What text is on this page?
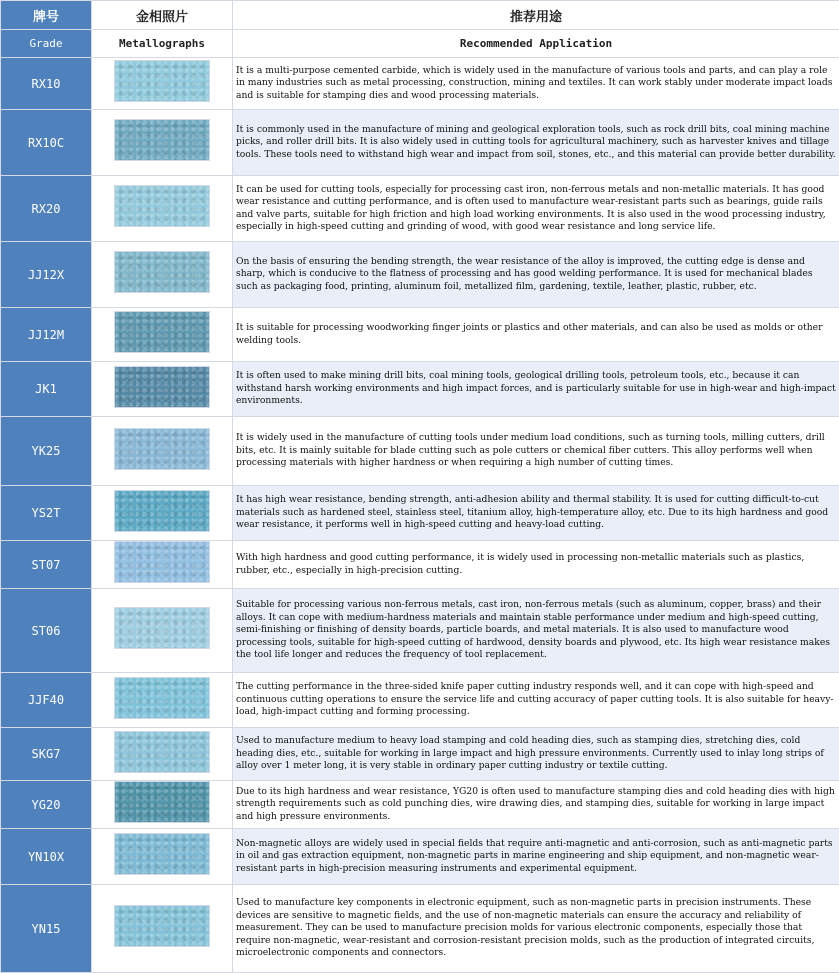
牌号	金相照片	推荐用途
Grade	Metallographs	Recommended Application
RX10		It is a multi-purpose cemented carbide, which is widely used in the manufacture of various tools and parts, and can play a role in many industries such as metal processing, construction, mining and textiles. It can work stably under moderate impact loads and is suitable for stamping dies and wood processing materials.
RX10C		It is commonly used in the manufacture of mining and geological exploration tools, such as rock drill bits, coal mining machine picks, and roller drill bits. It is also widely used in cutting tools for agricultural machinery, such as harvester knives and tillage tools. These tools need to withstand high wear and impact from soil, stones, etc., and this material can provide better durability.
RX20		It can be used for cutting tools, especially for processing cast iron, non-ferrous metals and non-metallic materials. It has good wear resistance and cutting performance, and is often used to manufacture wear-resistant parts such as bearings, guide rails and valve parts, suitable for high friction and high load working environments. It is also used in the wood processing industry, especially in high-speed cutting and grinding of wood, with good wear resistance and long service life.
JJ12X		On the basis of ensuring the bending strength, the wear resistance of the alloy is improved, the cutting edge is dense and sharp, which is conducive to the flatness of processing and has good welding performance. It is used for mechanical blades such as packaging food, printing, aluminum foil, metallized film, gardening, textile, leather, plastic, rubber, etc.
JJ12M		It is suitable for processing woodworking finger joints or plastics and other materials, and can also be used as molds or other welding tools.
JK1		It is often used to make mining drill bits, coal mining tools, geological drilling tools, petroleum tools, etc., because it can withstand harsh working environments and high impact forces, and is particularly suitable for use in high-wear and high-impact environments.
YK25		It is widely used in the manufacture of cutting tools under medium load conditions, such as turning tools, milling cutters, drill bits, etc. It is mainly suitable for blade cutting such as pole cutters or chemical fiber cutters. This alloy performs well when processing materials with higher hardness or when requiring a high number of cutting times.
YS2T		It has high wear resistance, bending strength, anti-adhesion ability and thermal stability. It is used for cutting difficult-to-cut materials such as hardened steel, stainless steel, titanium alloy, high-temperature alloy, etc. Due to its high hardness and good wear resistance, it performs well in high-speed cutting and heavy-load cutting.
ST07		With high hardness and good cutting performance, it is widely used in processing non-metallic materials such as plastics, rubber, etc., especially in high-precision cutting.
ST06		Suitable for processing various non-ferrous metals, cast iron, non-ferrous metals (such as aluminum, copper, brass) and their alloys. It can cope with medium-hardness materials and maintain stable performance under medium and high-speed cutting, semi-finishing or finishing of density boards, particle boards, and metal materials. It is also used to manufacture wood processing tools, suitable for high-speed cutting of hardwood, density boards and plywood, etc. Its high wear resistance makes the tool life longer and reduces the frequency of tool replacement.
JJF40		The cutting performance in the three-sided knife paper cutting industry responds well, and it can cope with high-speed and continuous cutting operations to ensure the service life and cutting accuracy of paper cutting tools. It is also suitable for heavy-load, high-impact cutting and forming processing.
SKG7		Used to manufacture medium to heavy load stamping and cold heading dies, such as stamping dies, stretching dies, cold heading dies, etc., suitable for working in large impact and high pressure environments. Currently used to inlay long strips of alloy over 1 meter long, it is very stable in ordinary paper cutting industry or textile cutting.
YG20		Due to its high hardness and wear resistance, YG20 is often used to manufacture stamping dies and cold heading dies with high strength requirements such as cold punching dies, wire drawing dies, and stamping dies, suitable for working in large impact and high pressure environments.
YN10X		Non-magnetic alloys are widely used in special fields that require anti-magnetic and anti-corrosion, such as anti-magnetic parts in oil and gas extraction equipment, non-magnetic parts in marine engineering and ship equipment, and non-magnetic wear-resistant parts in high-precision measuring instruments and experimental equipment.
YN15		Used to manufacture key components in electronic equipment, such as non-magnetic parts in precision instruments. These devices are sensitive to magnetic fields, and the use of non-magnetic materials can ensure the accuracy and reliability of measurement. They can be used to manufacture precision molds for various electronic components, especially those that require non-magnetic, wear-resistant and corrosion-resistant precision molds, such as the production of integrated circuits, microelectronic components and connectors.
